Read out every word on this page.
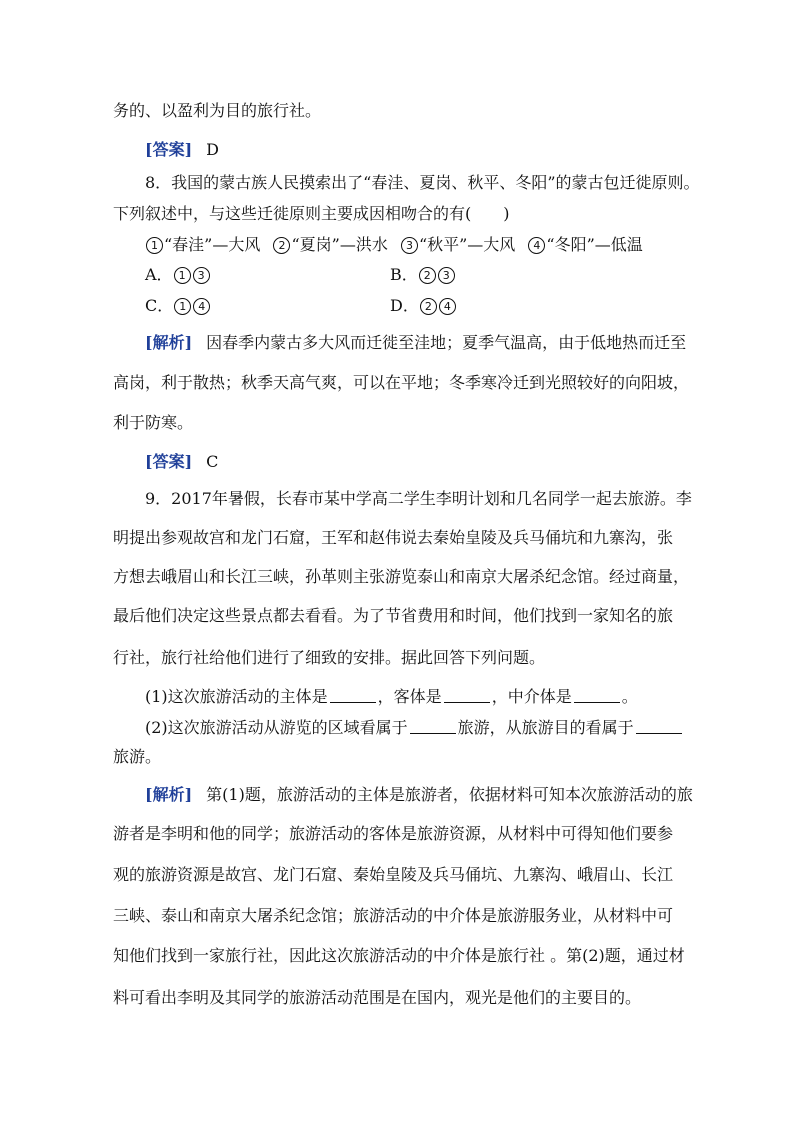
务的、以盈利为目的旅行社。
[答案] D
8．我国的蒙古族人民摸索出了“春洼、夏岗、秋平、冬阳”的蒙古包迁徙原则。
下列叙述中，与这些迁徙原则主要成因相吻合的有(　　)
1 “春洼”—大风 2 “夏岗”—洪水 3 “秋平”—大风 4 “冬阳”—低温
A． 1 3	B． 2 3
C． 1 4	D． 2 4
[解析] 因春季内蒙古多大风而迁徙至洼地；夏季气温高，由于低地热而迁至
高岗，利于散热；秋季天高气爽，可以在平地；冬季寒冷迁到光照较好的向阳坡，
利于防寒。
[答案] C
9．2017年暑假，长春市某中学高二学生李明计划和几名同学一起去旅游。李
明提出参观故宫和龙门石窟，王军和赵伟说去秦始皇陵及兵马俑坑和九寨沟，张
方想去峨眉山和长江三峡，孙革则主张游览泰山和南京大屠杀纪念馆。经过商量，
最后他们决定这些景点都去看看。为了节省费用和时间，他们找到一家知名的旅
行社，旅行社给他们进行了细致的安排。据此回答下列问题。
(1)这次旅游活动的主体是	，客体是	，中介体是	。
(2)这次旅游活动从游览的区域看属于	旅游，从旅游目的看属于
旅游。
[解析] 第(1)题，旅游活动的主体是旅游者，依据材料可知本次旅游活动的旅
游者是李明和他的同学；旅游活动的客体是旅游资源，从材料中可得知他们要参
观的旅游资源是故宫、龙门石窟、秦始皇陵及兵马俑坑、九寨沟、峨眉山、长江
三峡、泰山和南京大屠杀纪念馆；旅游活动的中介体是旅游服务业，从材料中可
知他们找到一家旅行社，因此这次旅游活动的中介体是旅行社 。第(2)题，通过材
料可看出李明及其同学的旅游活动范围是在国内，观光是他们的主要目的。
